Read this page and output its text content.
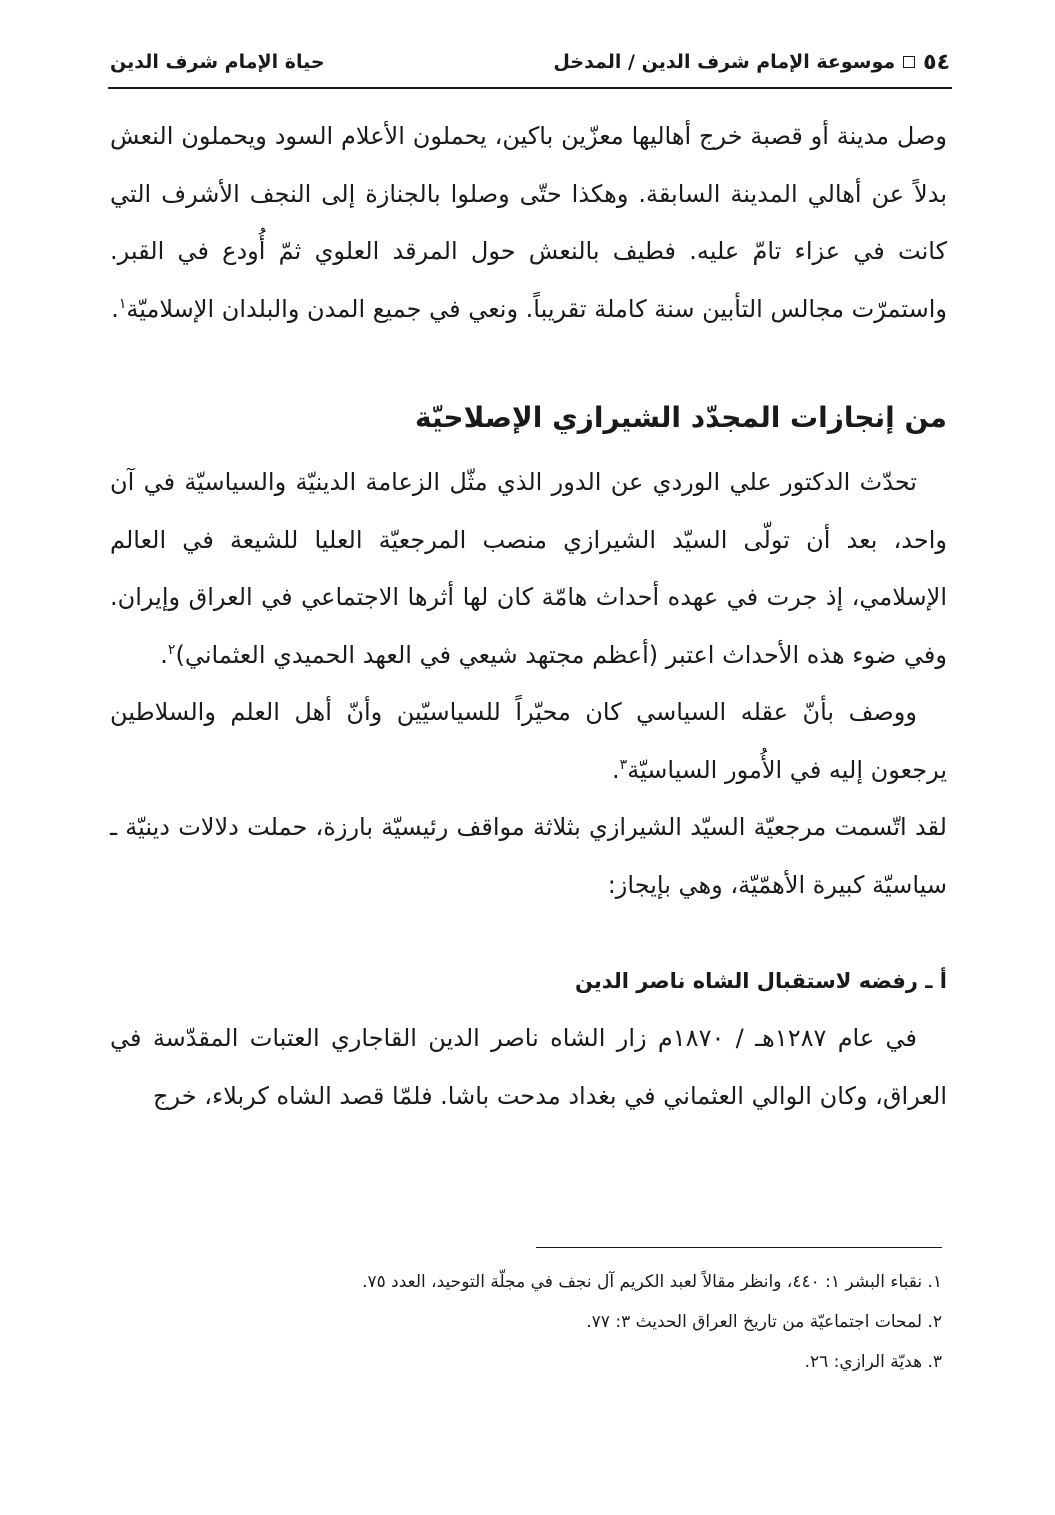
٥٤
موسوعة الإمام شرف الدين / المدخل
حياة الإمام شرف الدين

وصل مدينة أو قصبة خرج أهاليها معزّين باكين، يحملون الأعلام السود ويحملون النعش بدلاً عن أهالي المدينة السابقة. وهكذا حتّى وصلوا بالجنازة إلى النجف الأشرف التي كانت في عزاء تامّ عليه. فطيف بالنعش حول المرقد العلوي ثمّ أُودع في القبر. واستمرّت مجالس التأبين سنة كاملة تقريباً. ونعي في جميع المدن والبلدان الإسلاميّة$^١$.

من إنجازات المجدّد الشيرازي الإصلاحيّة

تحدّث الدكتور علي الوردي عن الدور الذي مثّل الزعامة الدينيّة والسياسيّة في آن واحد، بعد أن تولّى السيّد الشيرازي منصب المرجعيّة العليا للشيعة في العالم الإسلامي، إذ جرت في عهده أحداث هامّة كان لها أثرها الاجتماعي في العراق وإيران. وفي ضوء هذه الأحداث اعتبر (أعظم مجتهد شيعي في العهد الحميدي العثماني)$^٢$.

ووصف بأنّ عقله السياسي كان محيّراً للسياسيّين وأنّ أهل العلم والسلاطين يرجعون إليه في الأُمور السياسيّة$^٣$.

لقد اتّسمت مرجعيّة السيّد الشيرازي بثلاثة مواقف رئيسيّة بارزة، حملت دلالات دينيّة ـ سياسيّة كبيرة الأهمّيّة، وهي بإيجاز:

أ ـ رفضه لاستقبال الشاه ناصر الدين

في عام ١٢٨٧هـ / ١٨٧٠م زار الشاه ناصر الدين القاجاري العتبات المقدّسة في العراق، وكان الوالي العثماني في بغداد مدحت باشا. فلمّا قصد الشاه كربلاء، خرج

١. نقباء البشر ١: ٤٤٠، وانظر مقالاً لعبد الكريم آل نجف في مجلّة التوحيد، العدد ٧٥.
٢. لمحات اجتماعيّة من تاريخ العراق الحديث ٣: ٧٧.
٣. هديّة الرازي: ٢٦.
